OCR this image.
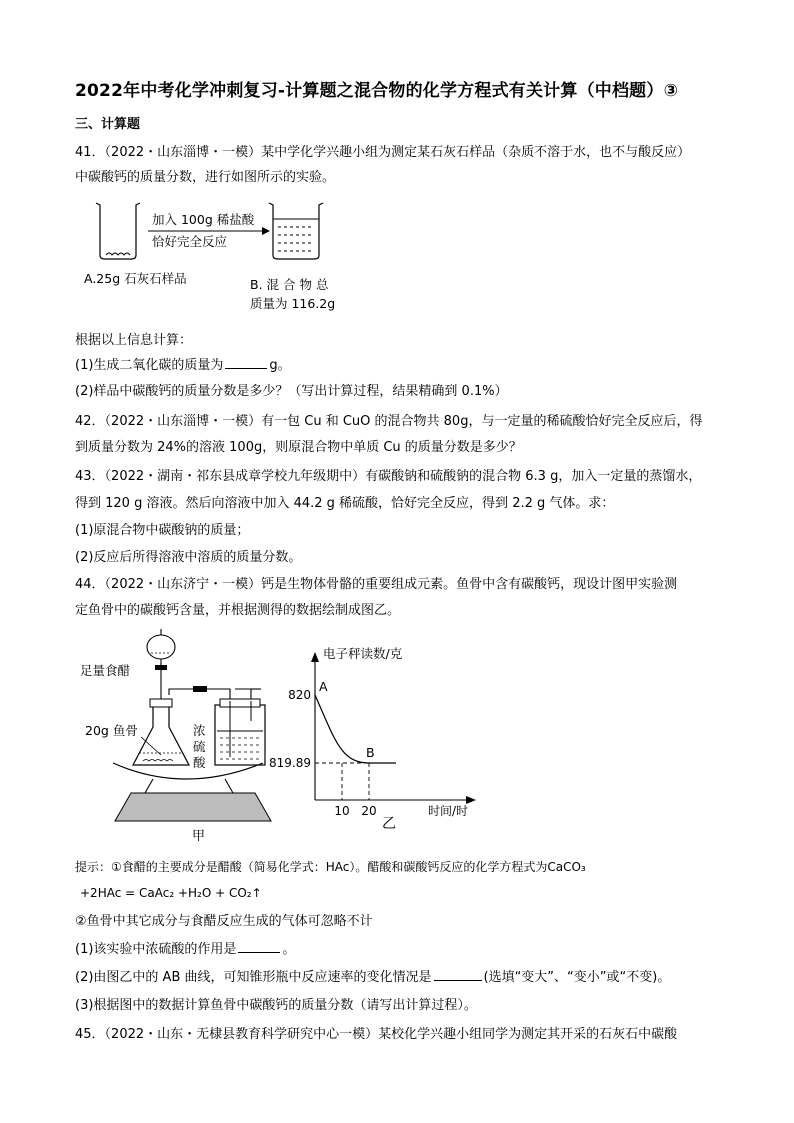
2022年中考化学冲刺复习-计算题之混合物的化学方程式有关计算（中档题）③
三、计算题
41．（2022・山东淄博・一模）某中学化学兴趣小组为测定某石灰石样品（杂质不溶于水，也不与酸反应）
中碳酸钙的质量分数，进行如图所示的实验。
加入 100g 稀盐酸
恰好完全反应
A.25g 石灰石样品	B. 混 合 物 总
质量为 116.2g
根据以上信息计算：
(1)生成二氧化碳的质量为	g。
(2)样品中碳酸钙的质量分数是多少？（写出计算过程，结果精确到 0.1%）
42．（2022・山东淄博・一模）有一包 Cu 和 CuO 的混合物共 80g，与一定量的稀硫酸恰好完全反应后，得
到质量分数为 24%的溶液 100g，则原混合物中单质 Cu 的质量分数是多少？
43．（2022・湖南・祁东县成章学校九年级期中）有碳酸钠和硫酸钠的混合物 6.3 g，加入一定量的蒸馏水，
得到 120 g 溶液。然后向溶液中加入 44.2 g 稀硫酸，恰好完全反应，得到 2.2 g 气体。求：
(1)原混合物中碳酸钠的质量；
(2)反应后所得溶液中溶质的质量分数。
44．（2022・山东济宁・一模）钙是生物体骨骼的重要组成元素。鱼骨中含有碳酸钙，现设计图甲实验测
定鱼骨中的碳酸钙含量，并根据测得的数据绘制成图乙。
足量食醋
20g 鱼骨	浓
硫
酸
甲
电子秤读数/克
时间/时
A
B
820
819.89
10 20
乙
提示：①食醋的主要成分是醋酸（简易化学式：HAc）。醋酸和碳酸钙反应的化学方程式为CaCO₃
+2HAc = CaAc₂ +H₂O + CO₂↑
②鱼骨中其它成分与食醋反应生成的气体可忽略不计
(1)该实验中浓硫酸的作用是	。
(2)由图乙中的 AB 曲线，可知锥形瓶中反应速率的变化情况是	(选填“变大”、“变小”或“不变)。
(3)根据图中的数据计算鱼骨中碳酸钙的质量分数（请写出计算过程）。
45．（2022・山东・无棣县教育科学研究中心一模）某校化学兴趣小组同学为测定其开采的石灰石中碳酸
